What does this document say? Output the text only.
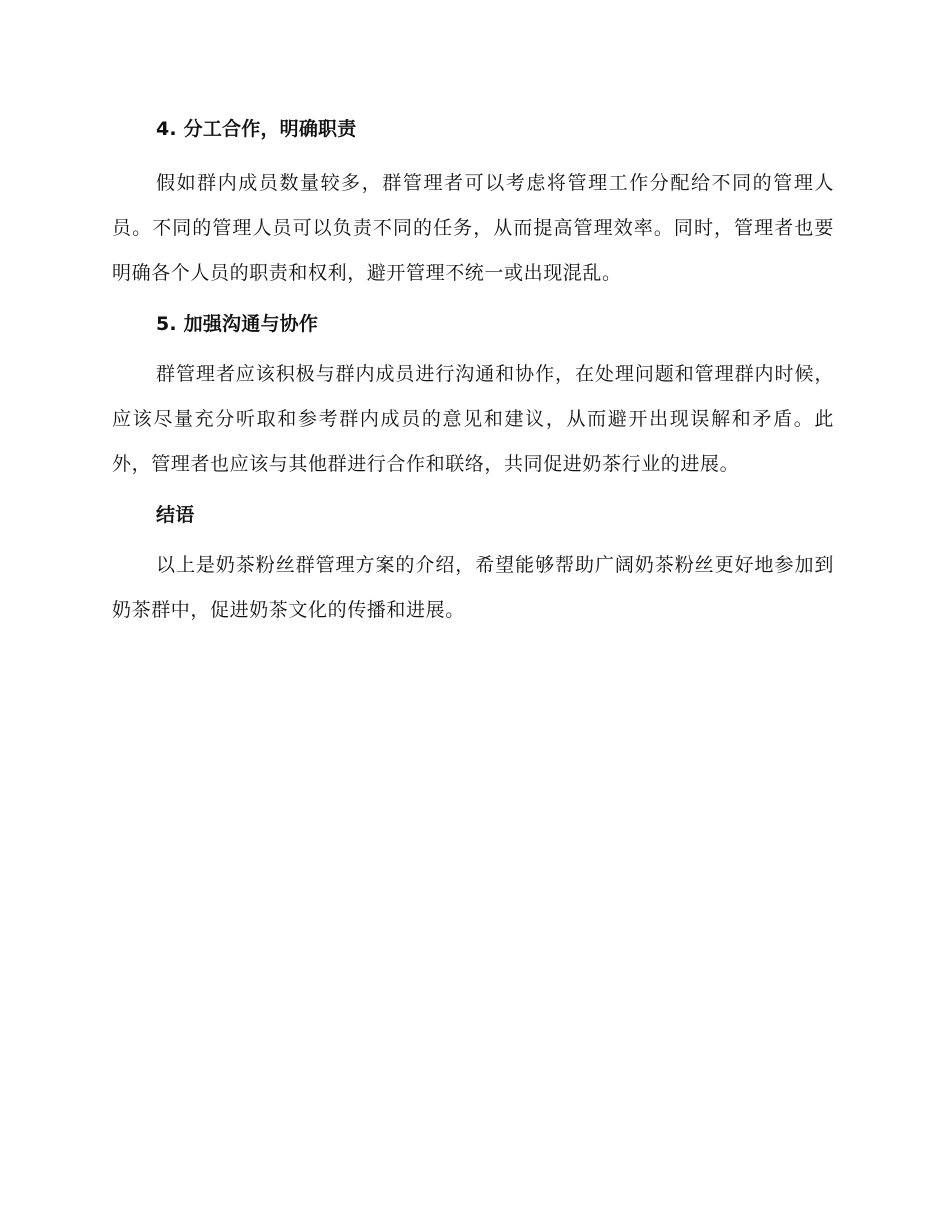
4. 分工合作，明确职责

假如群内成员数量较多，群管理者可以考虑将管理工作分配给不同的管理人员。不同的管理人员可以负责不同的任务，从而提高管理效率。同时，管理者也要明确各个人员的职责和权利，避开管理不统一或出现混乱。

5. 加强沟通与协作

群管理者应该积极与群内成员进行沟通和协作，在处理问题和管理群内时候，应该尽量充分听取和参考群内成员的意见和建议，从而避开出现误解和矛盾。此外，管理者也应该与其他群进行合作和联络，共同促进奶茶行业的进展。

结语

以上是奶茶粉丝群管理方案的介绍，希望能够帮助广阔奶茶粉丝更好地参加到奶茶群中，促进奶茶文化的传播和进展。
